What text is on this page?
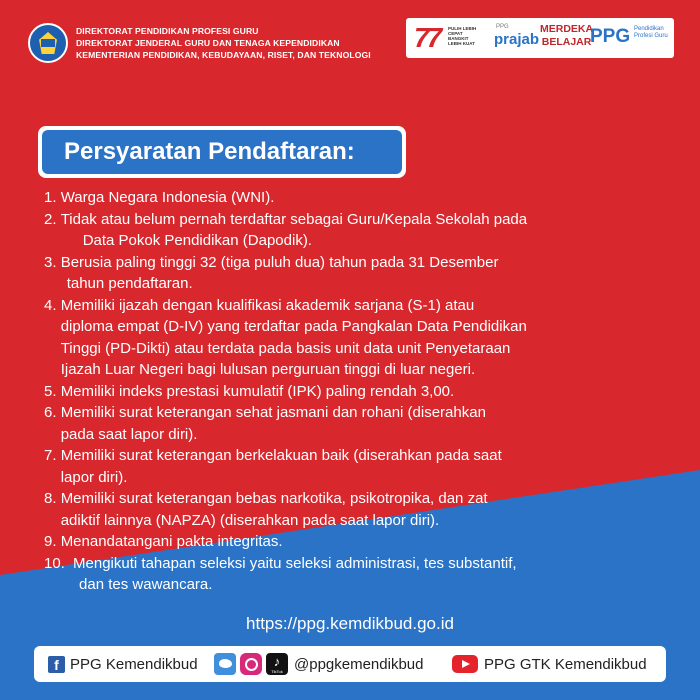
DIREKTORAT PENDIDIKAN PROFESI GURU
DIREKTORAT JENDERAL GURU DAN TENAGA KEPENDIDIKAN
KEMENTERIAN PENDIDIKAN, KEBUDAYAAN, RISET, DAN TEKNOLOGI
77 PULIH LEBIH CEPAT BANGKIT LEBIH KUAT
PPG
prajab
MERDEKA
BELAJAR
PPG Pendidikan Profesi Guru
Persyaratan Pendaftaran:
1.
Warga Negara Indonesia (WNI).
2.
Tidak atau belum pernah terdaftar sebagai Guru/Kepala Sekolah pada
Data Pokok Pendidikan (Dapodik).
3.
Berusia paling tinggi 32 (tiga puluh dua) tahun pada 31 Desember
tahun pendaftaran.
4.
Memiliki ijazah dengan kualifikasi akademik sarjana (S-1) atau
diploma empat (D-IV) yang terdaftar pada Pangkalan Data Pendidikan
Tinggi (PD-Dikti) atau terdata pada basis unit data unit Penyetaraan
Ijazah Luar Negeri bagi lulusan perguruan tinggi di luar negeri.
5.
Memiliki indeks prestasi kumulatif (IPK) paling rendah 3,00.
6.
Memiliki surat keterangan sehat jasmani dan rohani (diserahkan
pada saat lapor diri).
7.
Memiliki surat keterangan berkelakuan baik (diserahkan pada saat
lapor diri).
8.
Memiliki surat keterangan bebas narkotika, psikotropika, dan zat
adiktif lainnya (NAPZA) (diserahkan pada saat lapor diri).
9.
Menandatangani pakta integritas.
10.
Mengikuti tahapan seleksi yaitu seleksi administrasi, tes substantif,
dan tes wawancara.
https://ppg.kemdikbud.go.id
f PPG Kemendikbud	♪
TikTok @ppgkemendikbud	PPG GTK Kemendikbud
